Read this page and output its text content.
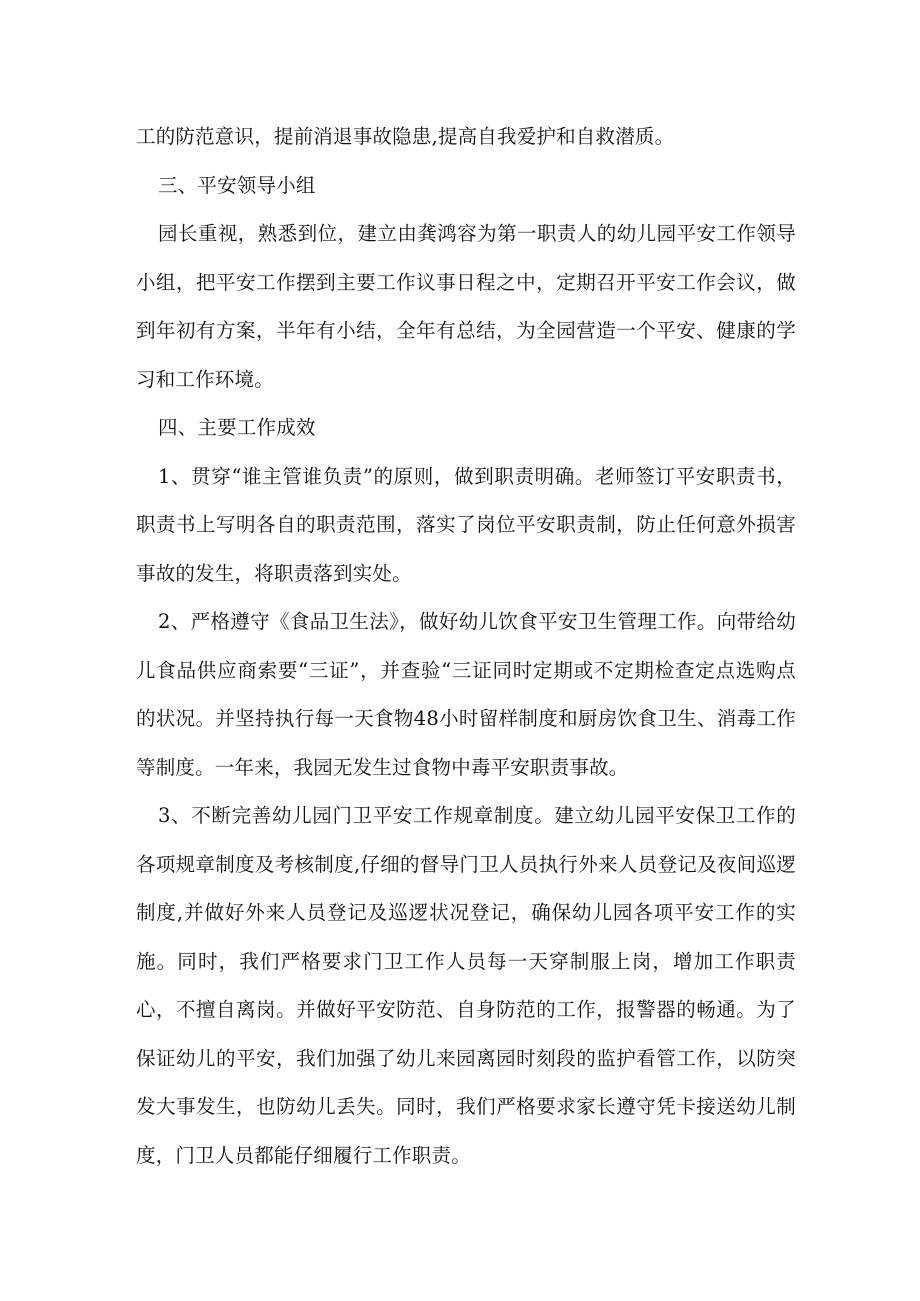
工的防范意识，提前消退事故隐患,提高自我爱护和自救潜质。

三、平安领导小组

园长重视，熟悉到位，建立由龚鸿容为第一职责人的幼儿园平安工作领导小组，把平安工作摆到主要工作议事日程之中，定期召开平安工作会议，做到年初有方案，半年有小结，全年有总结，为全园营造一个平安、健康的学习和工作环境。

四、主要工作成效

1、贯穿“谁主管谁负责”的原则，做到职责明确。老师签订平安职责书，职责书上写明各自的职责范围，落实了岗位平安职责制，防止任何意外损害事故的发生，将职责落到实处。

2、严格遵守《食品卫生法》，做好幼儿饮食平安卫生管理工作。向带给幼儿食品供应商索要“三证”，并查验“三证同时定期或不定期检查定点选购点的状况。并坚持执行每一天食物48小时留样制度和厨房饮食卫生、消毒工作等制度。一年来，我园无发生过食物中毒平安职责事故。

3、不断完善幼儿园门卫平安工作规章制度。建立幼儿园平安保卫工作的各项规章制度及考核制度,仔细的督导门卫人员执行外来人员登记及夜间巡逻制度,并做好外来人员登记及巡逻状况登记，确保幼儿园各项平安工作的实施。同时，我们严格要求门卫工作人员每一天穿制服上岗，增加工作职责心，不擅自离岗。并做好平安防范、自身防范的工作，报警器的畅通。为了保证幼儿的平安，我们加强了幼儿来园离园时刻段的监护看管工作，以防突发大事发生，也防幼儿丢失。同时，我们严格要求家长遵守凭卡接送幼儿制度，门卫人员都能仔细履行工作职责。
